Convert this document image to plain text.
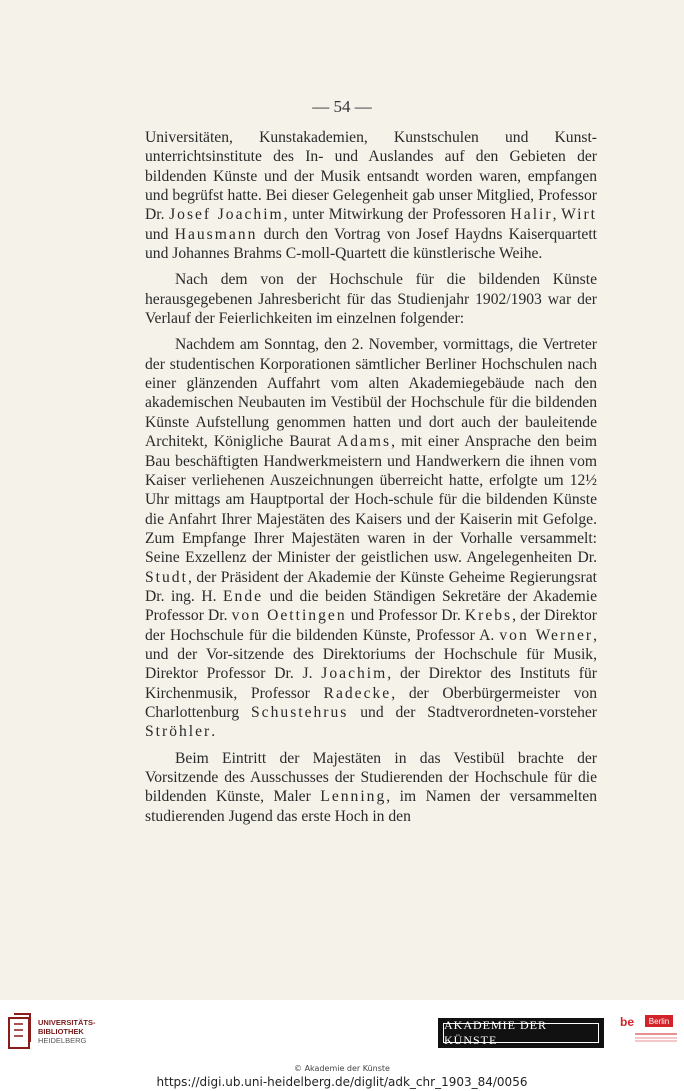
— 54 —

Universitäten, Kunstakademien, Kunstschulen und Kunst-unterrichtsinstitute des In- und Auslandes auf den Gebieten der bildenden Künste und der Musik entsandt worden waren, empfangen und begrüfst hatte. Bei dieser Gelegenheit gab unser Mitglied, Professor Dr. Josef Joachim, unter Mitwirkung der Professoren Halir, Wirt und Hausmann durch den Vortrag von Josef Haydns Kaiserquartett und Johannes Brahms C-moll-Quartett die künstlerische Weihe.

Nach dem von der Hochschule für die bildenden Künste herausgegebenen Jahresbericht für das Studienjahr 1902/1903 war der Verlauf der Feierlichkeiten im einzelnen folgender:

Nachdem am Sonntag, den 2. November, vormittags, die Vertreter der studentischen Korporationen sämtlicher Berliner Hochschulen nach einer glänzenden Auffahrt vom alten Akademiegebäude nach den akademischen Neubauten im Vestibül der Hochschule für die bildenden Künste Aufstellung genommen hatten und dort auch der bauleitende Architekt, Königliche Baurat Adams, mit einer Ansprache den beim Bau beschäftigten Handwerkmeistern und Handwerkern die ihnen vom Kaiser verliehenen Auszeichnungen überreicht hatte, erfolgte um 12½ Uhr mittags am Hauptportal der Hoch-schule für die bildenden Künste die Anfahrt Ihrer Majestäten des Kaisers und der Kaiserin mit Gefolge. Zum Empfange Ihrer Majestäten waren in der Vorhalle versammelt: Seine Exzellenz der Minister der geistlichen usw. Angelegenheiten Dr. Studt, der Präsident der Akademie der Künste Geheime Regierungsrat Dr. ing. H. Ende und die beiden Ständigen Sekretäre der Akademie Professor Dr. von Oettingen und Professor Dr. Krebs, der Direktor der Hochschule für die bildenden Künste, Professor A. von Werner, und der Vor-sitzende des Direktoriums der Hochschule für Musik, Direktor Professor Dr. J. Joachim, der Direktor des Instituts für Kirchenmusik, Professor Radecke, der Oberbürgermeister von Charlottenburg Schustehrus und der Stadtverordneten-vorsteher Ströhler.

Beim Eintritt der Majestäten in das Vestibül brachte der Vorsitzende des Ausschusses der Studierenden der Hochschule für die bildenden Künste, Maler Lenning, im Namen der versammelten studierenden Jugend das erste Hoch in den

UNIVERSITÄTS-
BIBLIOTHEK
HEIDELBERG
AKADEMIE DER KÜNSTE
be	Berlin
© Akademie der Künste
https://digi.ub.uni-heidelberg.de/diglit/adk_chr_1903_84/0056
